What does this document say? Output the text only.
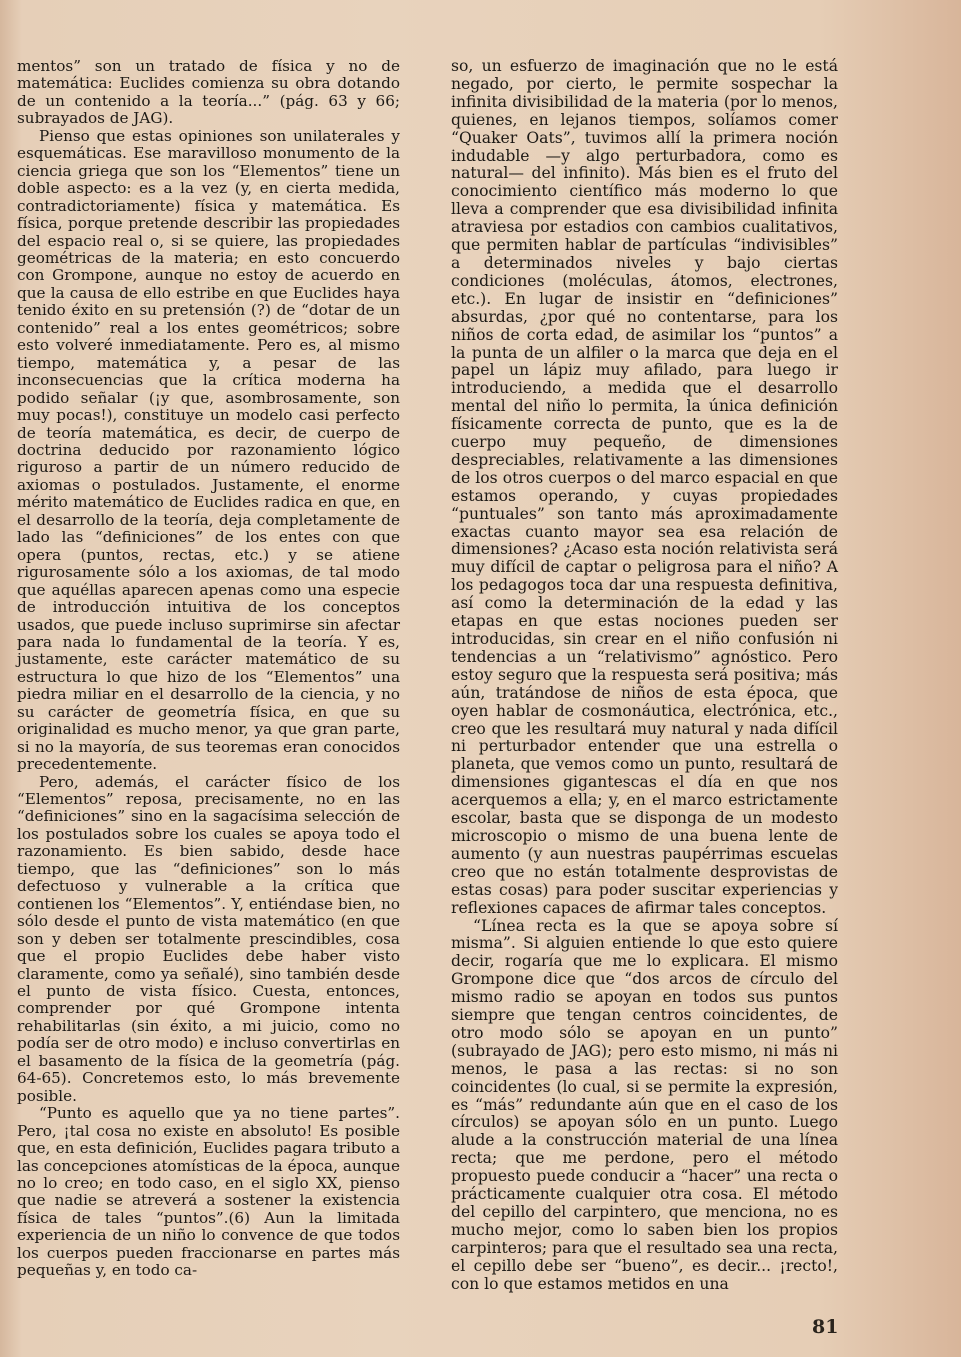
mentos” son un tratado de física y no de matemática: Euclides comienza su obra dotando de un contenido a la teoría...” (pág. 63 y 66; subrayados de JAG).

Pienso que estas opiniones son unilaterales y esquemáticas. Ese maravilloso monumento de la ciencia griega que son los “Elementos” tiene un doble aspecto: es a la vez (y, en cierta medida, contradictoriamente) física y matemática. Es física, porque pretende describir las propiedades del espacio real o, si se quiere, las propiedades geométricas de la materia; en esto concuerdo con Grompone, aunque no estoy de acuerdo en que la causa de ello estribe en que Euclides haya tenido éxito en su pretensión (?) de “dotar de un contenido” real a los entes geométricos; sobre esto volveré inmediatamente. Pero es, al mismo tiempo, matemática y, a pesar de las inconsecuencias que la crítica moderna ha podido señalar (¡y que, asombrosamente, son muy pocas!), constituye un modelo casi perfecto de teoría matemática, es decir, de cuerpo de doctrina deducido por razonamiento lógico riguroso a partir de un número reducido de axiomas o postulados. Justamente, el enorme mérito matemático de Euclides radica en que, en el desarrollo de la teoría, deja completamente de lado las “definiciones” de los entes con que opera (puntos, rectas, etc.) y se atiene rigurosamente sólo a los axiomas, de tal modo que aquéllas aparecen apenas como una especie de introducción intuitiva de los conceptos usados, que puede incluso suprimirse sin afectar para nada lo fundamental de la teoría. Y es, justamente, este carácter matemático de su estructura lo que hizo de los “Elementos” una piedra miliar en el desarrollo de la ciencia, y no su carácter de geometría física, en que su originalidad es mucho menor, ya que gran parte, si no la mayoría, de sus teoremas eran conocidos precedentemente.

Pero, además, el carácter físico de los “Elementos” reposa, precisamente, no en las “definiciones” sino en la sagacísima selección de los postulados sobre los cuales se apoya todo el razonamiento. Es bien sabido, desde hace tiempo, que las “definiciones” son lo más defectuoso y vulnerable a la crítica que contienen los “Elementos”. Y, entiéndase bien, no sólo desde el punto de vista matemático (en que son y deben ser totalmente prescindibles, cosa que el propio Euclides debe haber visto claramente, como ya señalé), sino también desde el punto de vista físico. Cuesta, entonces, comprender por qué Grompone intenta rehabilitarlas (sin éxito, a mi juicio, como no podía ser de otro modo) e incluso convertirlas en el basamento de la física de la geometría (pág. 64-65). Concretemos esto, lo más brevemente posible.

“Punto es aquello que ya no tiene partes”. Pero, ¡tal cosa no existe en absoluto! Es posible que, en esta definición, Euclides pagara tributo a las concepciones atomísticas de la época, aunque no lo creo; en todo caso, en el siglo XX, pienso que nadie se atreverá a sostener la existencia física de tales “puntos”.(6) Aun la limitada experiencia de un niño lo convence de que todos los cuerpos pueden fraccionarse en partes más pequeñas y, en todo ca-

so, un esfuerzo de imaginación que no le está negado, por cierto, le permite sospechar la infinita divisibilidad de la materia (por lo menos, quienes, en lejanos tiempos, solíamos comer “Quaker Oats”, tuvimos allí la primera noción indudable —y algo perturbadora, como es natural— del infinito). Más bien es el fruto del conocimiento científico más moderno lo que lleva a comprender que esa divisibilidad infinita atraviesa por estadios con cambios cualitativos, que permiten hablar de partículas “indivisibles” a determinados niveles y bajo ciertas condiciones (moléculas, átomos, electrones, etc.). En lugar de insistir en “definiciones” absurdas, ¿por qué no contentarse, para los niños de corta edad, de asimilar los “puntos” a la punta de un alfiler o la marca que deja en el papel un lápiz muy afilado, para luego ir introduciendo, a medida que el desarrollo mental del niño lo permita, la única definición físicamente correcta de punto, que es la de cuerpo muy pequeño, de dimensiones despreciables, relativamente a las dimensiones de los otros cuerpos o del marco espacial en que estamos operando, y cuyas propiedades “puntuales” son tanto más aproximadamente exactas cuanto mayor sea esa relación de dimensiones? ¿Acaso esta noción relativista será muy difícil de captar o peligrosa para el niño? A los pedagogos toca dar una respuesta definitiva, así como la determinación de la edad y las etapas en que estas nociones pueden ser introducidas, sin crear en el niño confusión ni tendencias a un “relativismo” agnóstico. Pero estoy seguro que la respuesta será positiva; más aún, tratándose de niños de esta época, que oyen hablar de cosmonáutica, electrónica, etc., creo que les resultará muy natural y nada difícil ni perturbador entender que una estrella o planeta, que vemos como un punto, resultará de dimensiones gigantescas el día en que nos acerquemos a ella; y, en el marco estrictamente escolar, basta que se disponga de un modesto microscopio o mismo de una buena lente de aumento (y aun nuestras paupérrimas escuelas creo que no están totalmente desprovistas de estas cosas) para poder suscitar experiencias y reflexiones capaces de afirmar tales conceptos.

“Línea recta es la que se apoya sobre sí misma”. Si alguien entiende lo que esto quiere decir, rogaría que me lo explicara. El mismo Grompone dice que “dos arcos de círculo del mismo radio se apoyan en todos sus puntos siempre que tengan centros coincidentes, de otro modo sólo se apoyan en un punto” (subrayado de JAG); pero esto mismo, ni más ni menos, le pasa a las rectas: si no son coincidentes (lo cual, si se permite la expresión, es “más” redundante aún que en el caso de los círculos) se apoyan sólo en un punto. Luego alude a la construcción material de una línea recta; que me perdone, pero el método propuesto puede conducir a “hacer” una recta o prácticamente cualquier otra cosa. El método del cepillo del carpintero, que menciona, no es mucho mejor, como lo saben bien los propios carpinteros; para que el resultado sea una recta, el cepillo debe ser “bueno”, es decir... ¡recto!, con lo que estamos metidos en una

81
